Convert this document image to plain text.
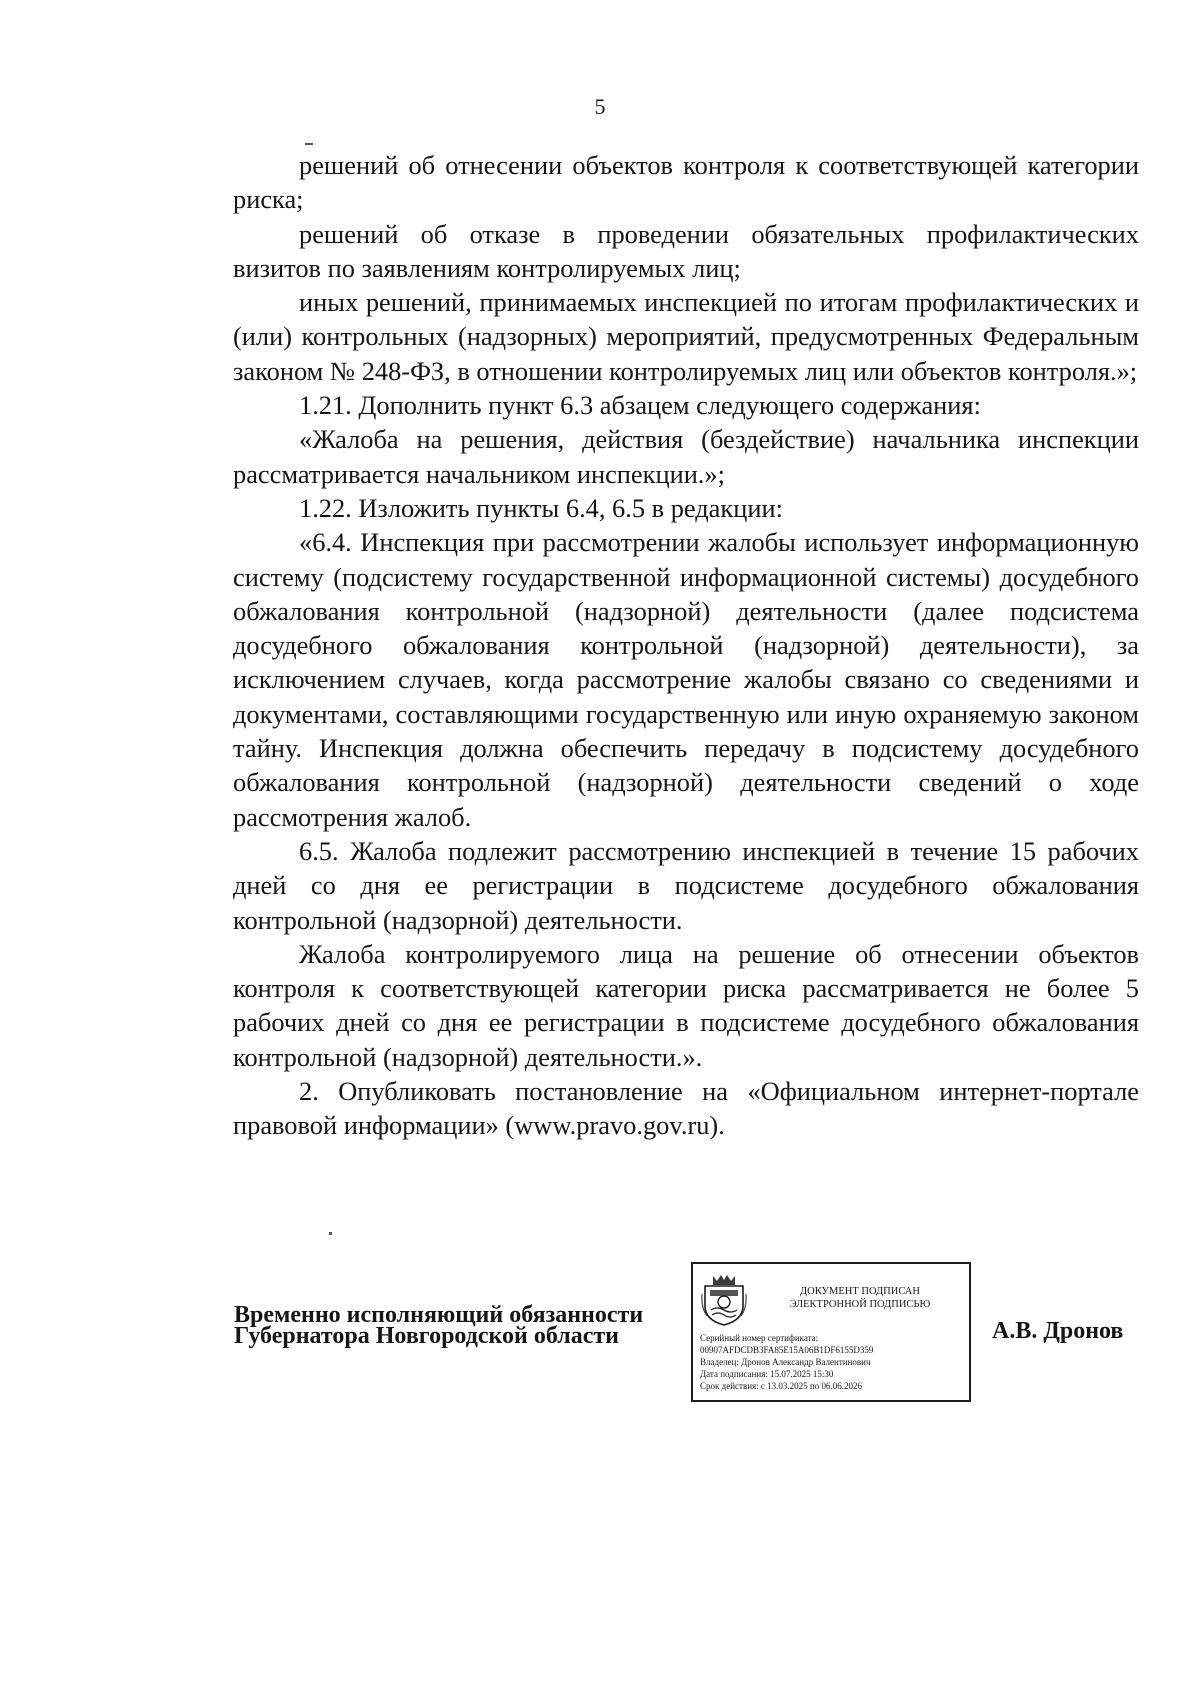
5

решений об отнесении объектов контроля к соответствующей категории риска;

решений об отказе в проведении обязательных профилактических визитов по заявлениям контролируемых лиц;

иных решений, принимаемых инспекцией по итогам профилактических и (или) контрольных (надзорных) мероприятий, предусмотренных Федеральным законом № 248-ФЗ, в отношении контролируемых лиц или объектов контроля.»;

1.21. Дополнить пункт 6.3 абзацем следующего содержания:

«Жалоба на решения, действия (бездействие) начальника инспекции рассматривается начальником инспекции.»;

1.22. Изложить пункты 6.4, 6.5 в редакции:

«6.4. Инспекция при рассмотрении жалобы использует информационную систему (подсистему государственной информационной системы) досудебного обжалования контрольной (надзорной) деятельности (далее подсистема досудебного обжалования контрольной (надзорной) деятельности), за исключением случаев, когда рассмотрение жалобы связано со сведениями и документами, составляющими государственную или иную охраняемую законом тайну. Инспекция должна обеспечить передачу в подсистему досудебного обжалования контрольной (надзорной) деятельности сведений о ходе рассмотрения жалоб.

6.5. Жалоба подлежит рассмотрению инспекцией в течение 15 рабочих дней со дня ее регистрации в подсистеме досудебного обжалования контрольной (надзорной) деятельности.

Жалоба контролируемого лица на решение об отнесении объектов контроля к соответствующей категории риска рассматривается не более 5 рабочих дней со дня ее регистрации в подсистеме досудебного обжалования контрольной (надзорной) деятельности.».

2. Опубликовать постановление на «Официальном интернет-портале правовой информации» (www.pravo.gov.ru).

Временно исполняющий обязанности
Губернатора Новгородской области
ДОКУМЕНТ ПОДПИСАН
ЭЛЕКТРОННОЙ ПОДПИСЬЮ
Серийный номер сертификата:
00907AFDCDB3FA85E15A06B1DF6155D359
Владелец: Дронов Александр Валентинович
Дата подписания: 15.07.2025 15:30
Срок действия: с 13.03.2025 по 06.06.2026
А.В. Дронов
